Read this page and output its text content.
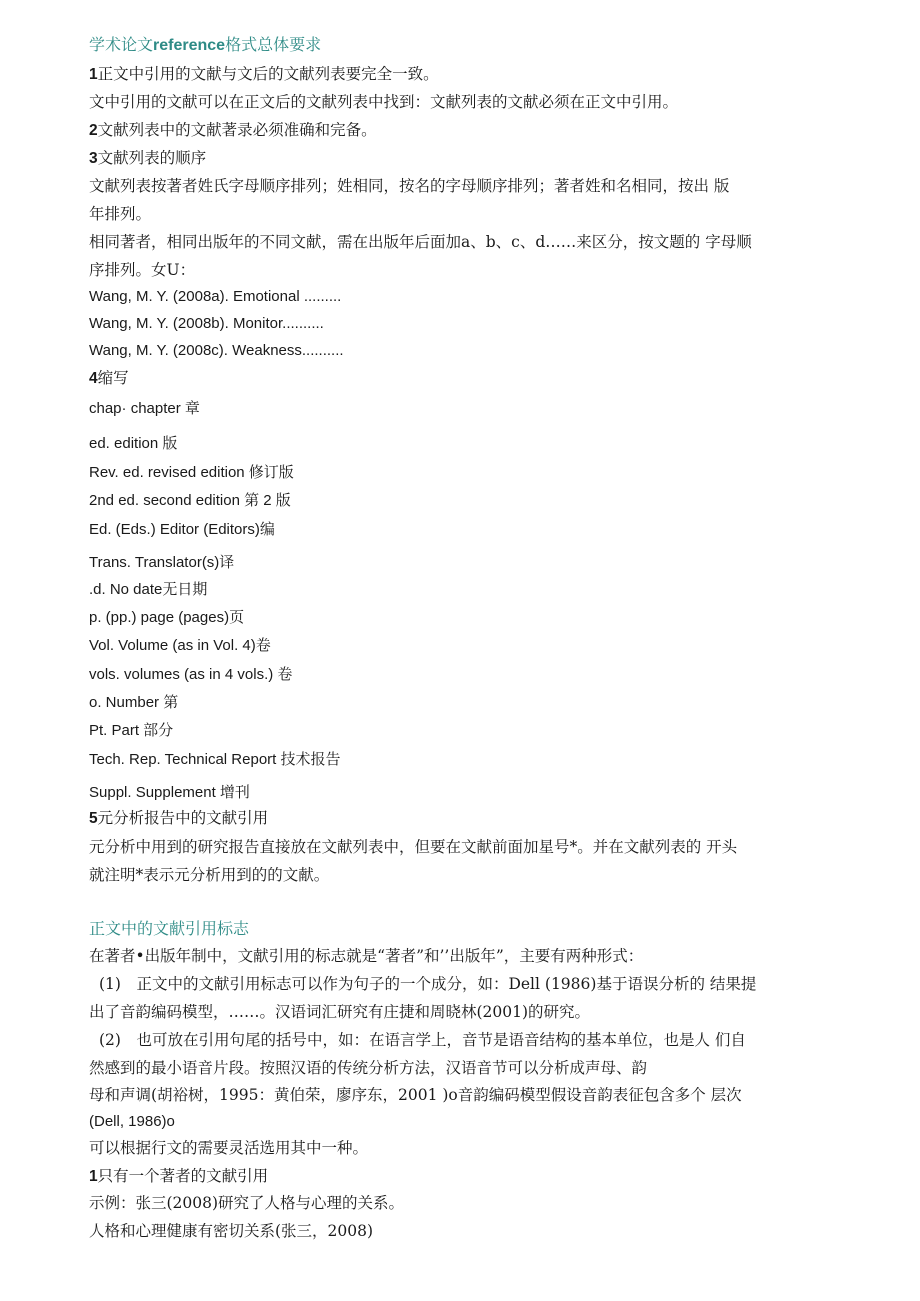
学术论文reference格式总体要求
1正文中引用的文献与文后的文献列表要完全一致。
文中引用的文献可以在正文后的文献列表中找到：文献列表的文献必须在正文中引用。
2文献列表中的文献著录必须准确和完备。
3文献列表的顺序
文献列表按著者姓氏字母顺序排列；姓相同，按名的字母顺序排列；著者姓和名相同，按出 版
年排列。
相同著者，相同出版年的不同文献，需在出版年后面加a、b、c、d……来区分，按文题的 字母顺
序排列。女U：
Wang, M. Y. (2008a). Emotional .........
Wang, M. Y. (2008b). Monitor..........
Wang, M. Y. (2008c). Weakness..........
4缩写
chap· chapter 章
ed. edition 版
Rev. ed. revised edition 修订版
2nd ed. second edition 第 2 版
Ed. (Eds.) Editor (Editors)编
Trans. Translator(s)译
.d. No date无日期
p. (pp.) page (pages)页
Vol. Volume (as in Vol. 4)卷
vols. volumes (as in 4 vols.) 卷
o. Number 第
Pt. Part 部分
Tech. Rep. Technical Report 技术报告
Suppl. Supplement 增刊
5元分析报告中的文献引用
元分析中用到的研究报告直接放在文献列表中，但要在文献前面加星号*。并在文献列表的 开头
就注明*表示元分析用到的的文献。
正文中的文献引用标志
在著者•出版年制中，文献引用的标志就是“著者”和’’出版年”，主要有两种形式：
(1)　正文中的文献引用标志可以作为句子的一个成分，如：Dell (1986)基于语误分析的 结果提
出了音韵编码模型，……。汉语词汇研究有庄捷和周晓林(2001)的研究。
(2)　也可放在引用句尾的括号中，如：在语言学上，音节是语音结构的基本单位，也是人 们自
然感到的最小语音片段。按照汉语的传统分析方法，汉语音节可以分析成声母、韵
母和声调(胡裕树，1995：黄伯荣，廖序东，2001 )o音韵编码模型假设音韵表征包含多个 层次
(Dell, 1986)o
可以根据行文的需要灵活选用其中一种。
1只有一个著者的文献引用
示例：张三(2008)研究了人格与心理的关系。
人格和心理健康有密切关系(张三，2008)
